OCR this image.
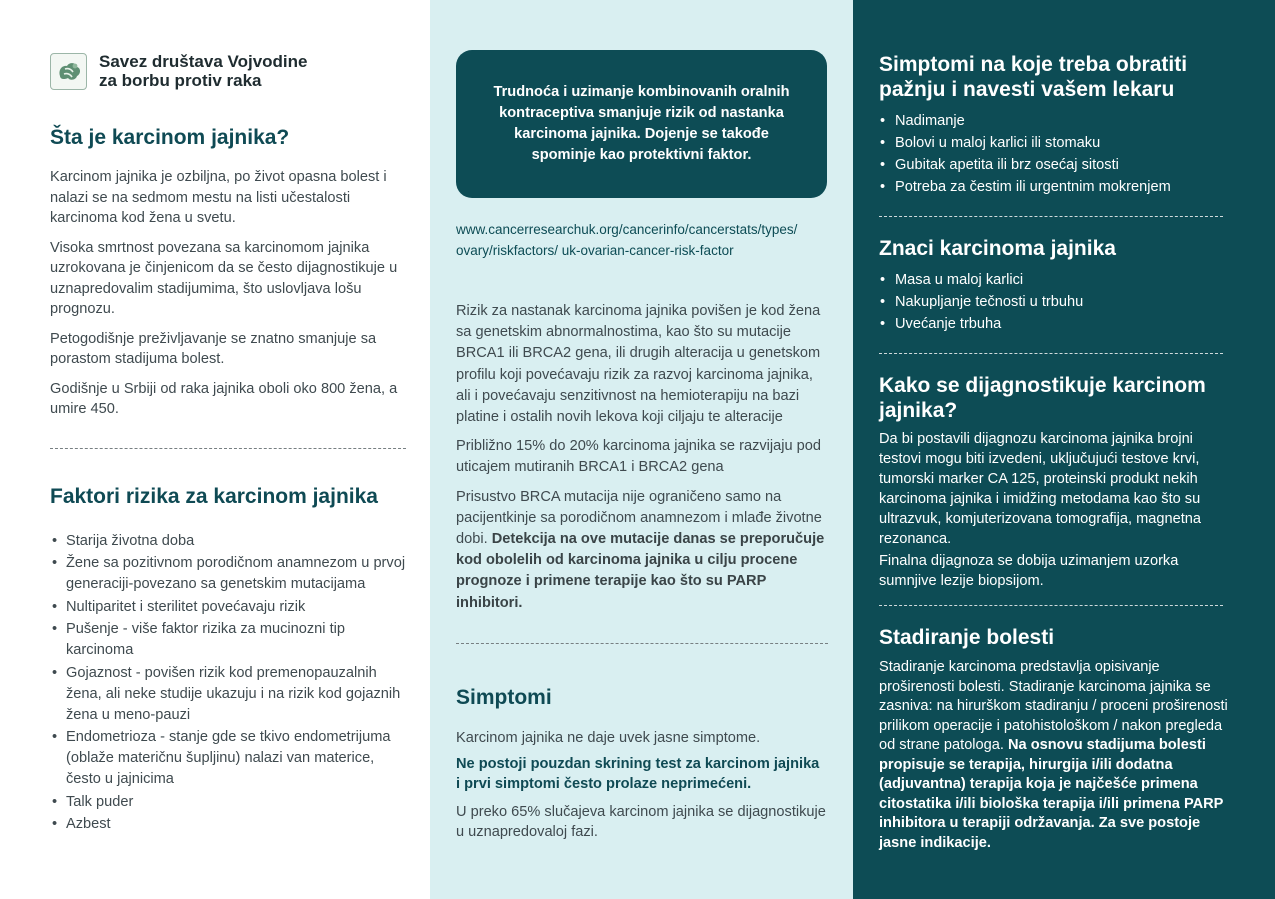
Savez društava Vojvodine
za borbu protiv raka
Šta je karcinom jajnika?

Karcinom jajnika je ozbiljna, po život opasna bolest i nalazi se na sedmom mestu na listi učestalosti karcinoma kod žena u svetu.

Visoka smrtnost povezana sa karcinomom jajnika uzrokovana je činjenicom da se često dijagnostikuje u uznapredovalim stadijumima, što uslovljava lošu prognozu.

Petogodišnje preživljavanje se znatno smanjuje sa porastom stadijuma bolest.

Godišnje u Srbiji od raka jajnika oboli oko 800 žena, a umire 450.

Faktori rizika za karcinom jajnika
• Starija životna doba
• Žene sa pozitivnom porodičnom anamnezom u prvoj generaciji-povezano sa genetskim mutacijama
• Nultiparitet i sterilitet povećavaju rizik
• Pušenje - više faktor rizika za mucinozni tip karcinoma
• Gojaznost - povišen rizik kod premenopauzalnih žena, ali neke studije ukazuju i na rizik kod gojaznih žena u meno-pauzi
• Endometrioza - stanje gde se tkivo endometrijuma (oblaže materičnu šupljinu) nalazi van materice, često u jajnicima
• Talk puder
• Azbest
Trudnoća i uzimanje kombinovanih oralnih kontraceptiva smanjuje rizik od nastanka karcinoma jajnika. Dojenje se takođe spominje kao protektivni faktor.
www.cancerresearchuk.org/cancerinfo/cancerstats/types/
ovary/riskfactors/ uk-ovarian-cancer-risk-factor

Rizik za nastanak karcinoma jajnika povišen je kod žena sa genetskim abnormalnostima, kao što su mutacije BRCA1 ili BRCA2 gena, ili drugih alteracija u genetskom profilu koji povećavaju rizik za razvoj karcinoma jajnika, ali i povećavaju senzitivnost na hemioterapiju na bazi platine i ostalih novih lekova koji ciljaju te alteracije

Približno 15% do 20% karcinoma jajnika se razvijaju pod uticajem mutiranih BRCA1 i BRCA2 gena

Prisustvo BRCA mutacija nije ograničeno samo na pacijentkinje sa porodičnom anamnezom i mlađe životne dobi. Detekcija na ove mutacije danas se preporučuje kod obolelih od karcinoma jajnika u cilju procene prognoze i primene terapije kao što su PARP inhibitori.

Simptomi

Karcinom jajnika ne daje uvek jasne simptome.

Ne postoji pouzdan skrining test za karcinom jajnika i prvi simptomi često prolaze neprimećeni.

U preko 65% slučajeva karcinom jajnika se dijagnostikuje u uznapredovaloj fazi.

Simptomi na koje treba obratiti pažnju i navesti vašem lekaru
• Nadimanje
• Bolovi u maloj karlici ili stomaku
• Gubitak apetita ili brz osećaj sitosti
• Potreba za čestim ili urgentnim mokrenjem
Znaci karcinoma jajnika
• Masa u maloj karlici
• Nakupljanje tečnosti u trbuhu
• Uvećanje trbuha
Kako se dijagnostikuje karcinom jajnika?

Da bi postavili dijagnozu karcinoma jajnika brojni testovi mogu biti izvedeni, uključujući testove krvi, tumorski marker CA 125, proteinski produkt nekih karcinoma jajnika i imidžing metodama kao što su ultrazvuk, komjuterizovana tomografija, magnetna rezonanca.

Finalna dijagnoza se dobija uzimanjem uzorka sumnjive lezije biopsijom.

Stadiranje bolesti

Stadiranje karcinoma predstavlja opisivanje proširenosti bolesti. Stadiranje karcinoma jajnika se zasniva: na hirurškom stadiranju / proceni proširenosti prilikom operacije i patohistološkom / nakon pregleda od strane patologa. Na osnovu stadijuma bolesti propisuje se terapija, hirurgija i/ili dodatna (adjuvantna) terapija koja je najčešće primena citostatika i/ili biološka terapija i/ili primena PARP inhibitora u terapiji održavanja. Za sve postoje jasne indikacije.
